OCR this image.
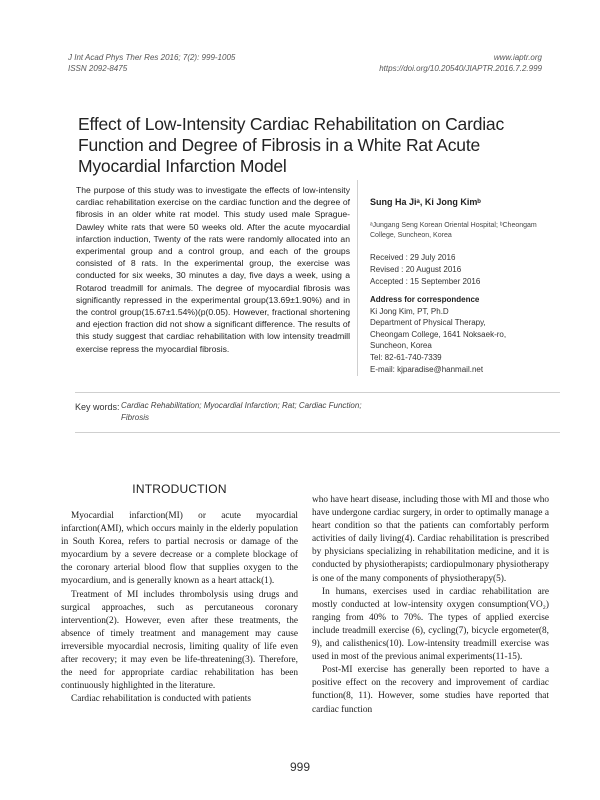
J Int Acad Phys Ther Res 2016; 7(2): 999-1005
ISSN 2092-8475
www.iaptr.org
https://doi.org/10.20540/JIAPTR.2016.7.2.999
Effect of Low-Intensity Cardiac Rehabilitation on Cardiac Function and Degree of Fibrosis in a White Rat Acute Myocardial Infarction Model
The purpose of this study was to investigate the effects of low-intensity cardiac rehabilitation exercise on the cardiac function and the degree of fibrosis in an older white rat model. This study used male Sprague-Dawley white rats that were 50 weeks old. After the acute myocardial infarction induction, Twenty of the rats were randomly allocated into an experimental group and a control group, and each of the groups consisted of 8 rats. In the experimental group, the exercise was conducted for six weeks, 30 minutes a day, five days a week, using a Rotarod treadmill for animals. The degree of myocardial fibrosis was significantly repressed in the experimental group(13.69±1.90%) and in the control group(15.67±1.54%)(p(0.05). However, fractional shortening and ejection fraction did not show a significant difference. The results of this study suggest that cardiac rehabilitation with low intensity treadmill exercise repress the myocardial fibrosis.
Sung Ha Jiᵃ, Ki Jong Kimᵇ
ᵃJungang Seng Korean Oriental Hospital; ᵇCheongam College, Suncheon, Korea
Received : 29 July 2016
Revised : 20 August 2016
Accepted : 15 September 2016
Address for correspondence
Ki Jong Kim, PT, Ph.D
Department of Physical Therapy,
Cheongam College, 1641 Noksaek-ro,
Suncheon, Korea
Tel: 82-61-740-7339
E-mail: kjparadise@hanmail.net
Key words: Cardiac Rehabilitation; Myocardial Infarction; Rat; Cardiac Function; Fibrosis
INTRODUCTION

Myocardial infarction(MI) or acute myocardial infarction(AMI), which occurs mainly in the elderly population in South Korea, refers to partial necrosis or damage of the myocardium by a severe decrease or a complete blockage of the coronary arterial blood flow that supplies oxygen to the myocardium, and is generally known as a heart attack(1).

Treatment of MI includes thrombolysis using drugs and surgical approaches, such as percutaneous coronary intervention(2). However, even after these treatments, the absence of timely treatment and management may cause irreversible myocardial necrosis, limiting quality of life even after recovery; it may even be life-threatening(3). Therefore, the need for appropriate cardiac rehabilitation has been continuously highlighted in the literature.

Cardiac rehabilitation is conducted with patients

who have heart disease, including those with MI and those who have undergone cardiac surgery, in order to optimally manage a heart condition so that the patients can comfortably perform activities of daily living(4). Cardiac rehabilitation is prescribed by physicians specializing in rehabilitation medicine, and it is conducted by physiotherapists; cardiopulmonary physiotherapy is one of the many components of physiotherapy(5).

In humans, exercises used in cardiac rehabilitation are mostly conducted at low-intensity oxygen consumption(VO₂) ranging from 40% to 70%. The types of applied exercise include treadmill exercise (6), cycling(7), bicycle ergometer(8, 9), and calisthenics(10). Low-intensity treadmill exercise was used in most of the previous animal experiments(11-15).

Post-MI exercise has generally been reported to have a positive effect on the recovery and improvement of cardiac function(8, 11). However, some studies have reported that cardiac function

999
